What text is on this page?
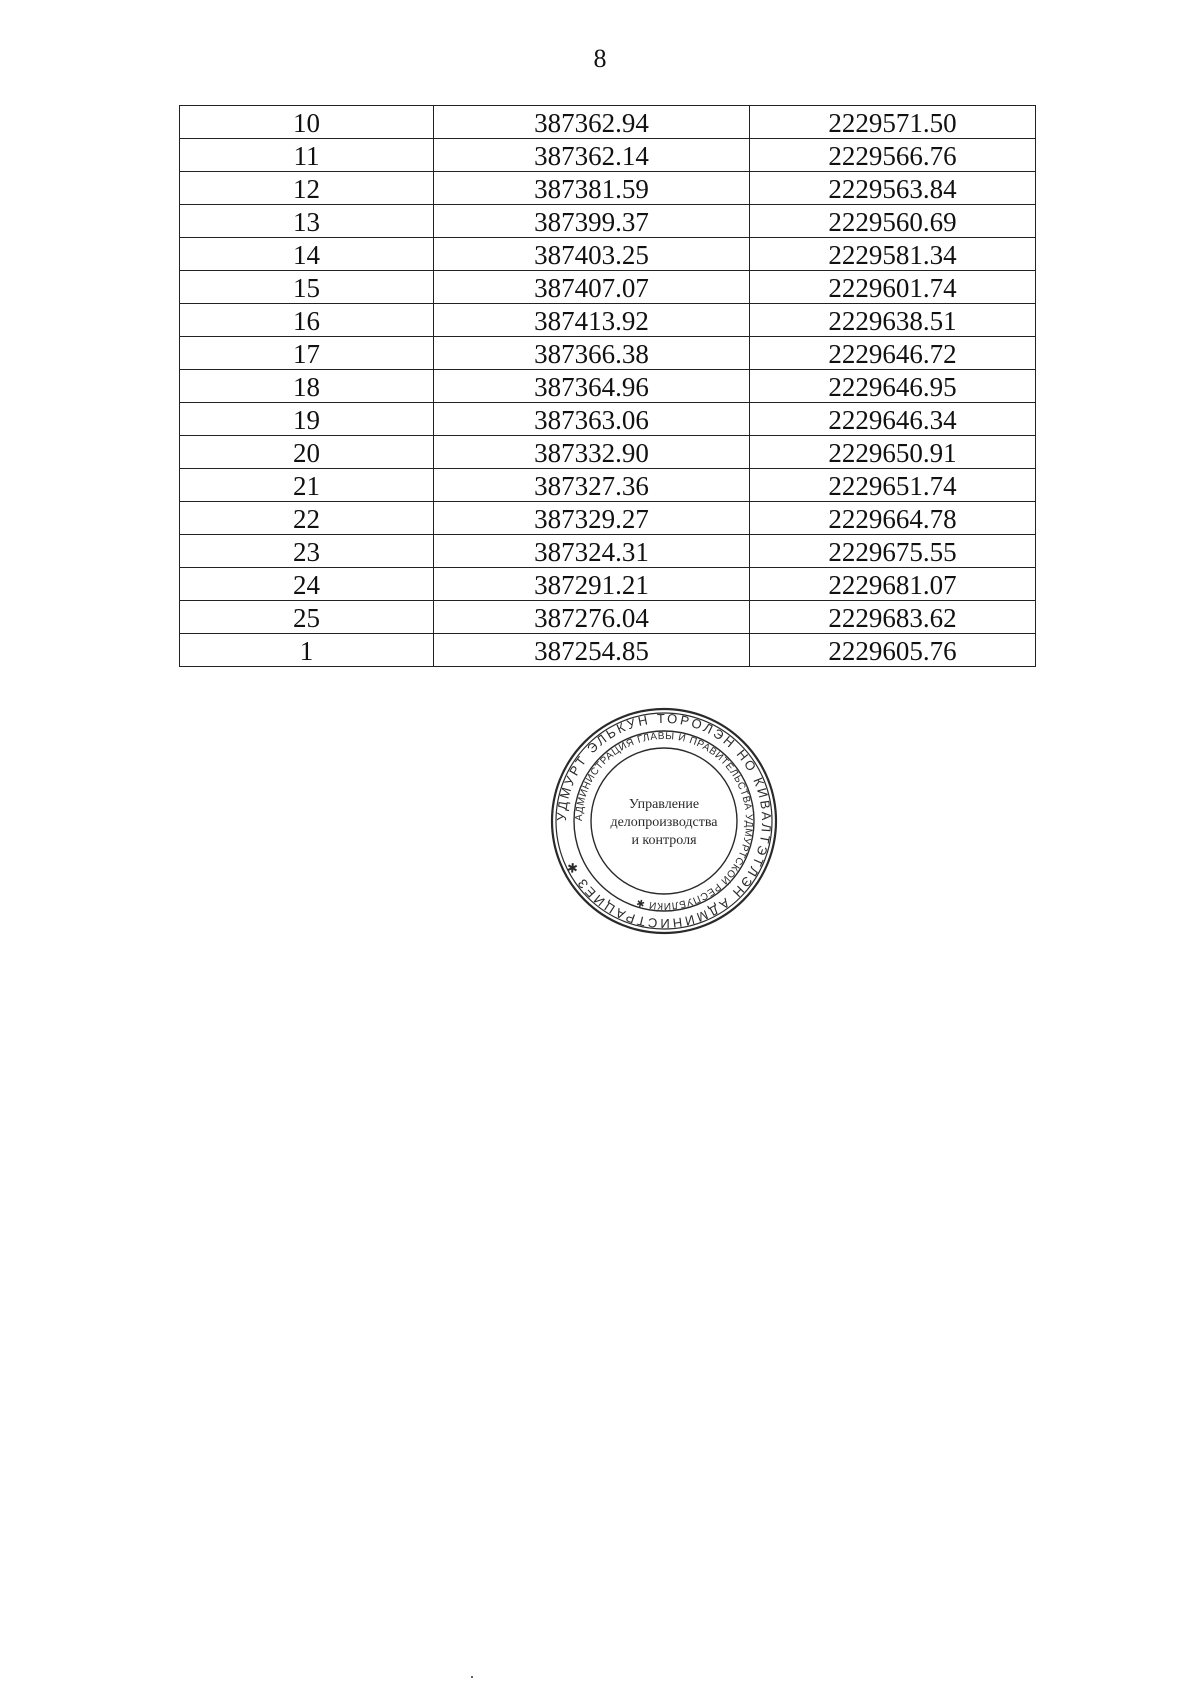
8
10	387362.94	2229571.50
11	387362.14	2229566.76
12	387381.59	2229563.84
13	387399.37	2229560.69
14	387403.25	2229581.34
15	387407.07	2229601.74
16	387413.92	2229638.51
17	387366.38	2229646.72
18	387364.96	2229646.95
19	387363.06	2229646.34
20	387332.90	2229650.91
21	387327.36	2229651.74
22	387329.27	2229664.78
23	387324.31	2229675.55
24	387291.21	2229681.07
25	387276.04	2229683.62
1	387254.85	2229605.76
УДМУРТ ЭЛЬКУН ТОРОЛЭН НО КИВАЛТЭТЛЭН АДМИНИСТРАЦИЕЗ ✱
АДМИНИСТРАЦИЯ ГЛАВЫ И ПРАВИТЕЛЬСТВА УДМУРТСКОЙ РЕСПУБЛИКИ ✱
Управление
делопроизводства
и контроля
